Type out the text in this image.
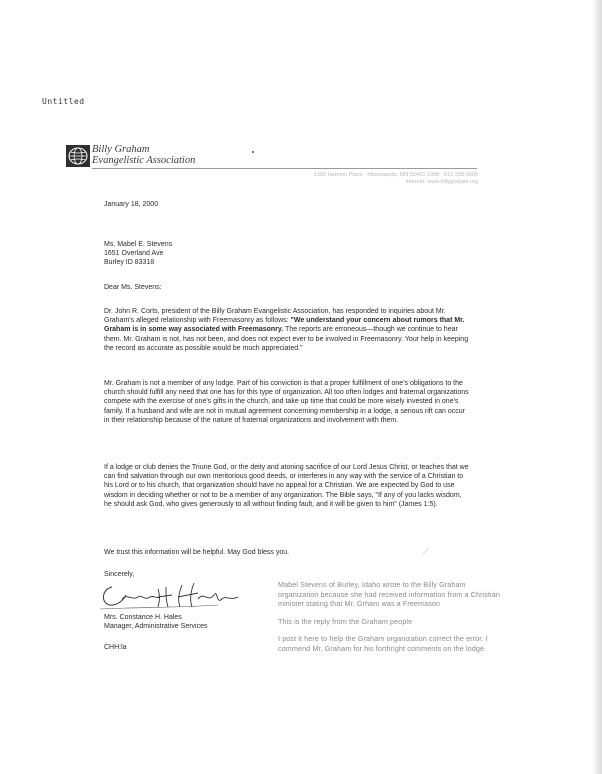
Untitled
Billy Graham
Evangelistic Association
1300 Harmon Place · Minneapolis, MN 55403-1988 · 612 338-0500
Internet: www.billygraham.org
January 18, 2000
Ms. Mabel E. Stevens
1651 Overland Ave
Burley ID 83318
Dear Ms. Stevens:

Dr. John R. Corts, president of the Billy Graham Evangelistic Association, has responded to inquiries about Mr. Graham's alleged relationship with Freemasonry as follows: "We understand your concern about rumors that Mr. Graham is in some way associated with Freemasonry. The reports are erroneous—though we continue to hear them. Mr. Graham is not, has not been, and does not expect ever to be involved in Freemasonry. Your help in keeping the record as accurate as possible would be much appreciated."

Mr. Graham is not a member of any lodge. Part of his conviction is that a proper fulfillment of one's obligations to the church should fulfill any need that one has for this type of organization. All too often lodges and fraternal organizations compete with the exercise of one's gifts in the church, and take up time that could be more wisely invested in one's family. If a husband and wife are not in mutual agreement concerning membership in a lodge, a serious rift can occur in their relationship because of the nature of fraternal organizations and involvement with them.

If a lodge or club denies the Triune God, or the deity and atoning sacrifice of our Lord Jesus Christ, or teaches that we can find salvation through our own meritorious good deeds, or interferes in any way with the service of a Christian to his Lord or to his church, that organization should have no appeal for a Christian. We are expected by God to use wisdom in deciding whether or not to be a member of any organization. The Bible says, "If any of you lacks wisdom, he should ask God, who gives generously to all without finding fault, and it will be given to him" (James 1:5).

We trust this information will be helpful. May God bless you.

Sincerely,
Mrs. Constance H. Hales
Manager, Administrative Services
CHH:la

Mabel Stevens of Burley, Idaho wrote to the Billy Graham organization because she had received information from a Christian minister stating that Mr. Grham was a Freemason

This is the reply from the Graham people

I post it here to help the Graham organization correct the error. I commend Mr. Graham for his forthright comments on the lodge.
